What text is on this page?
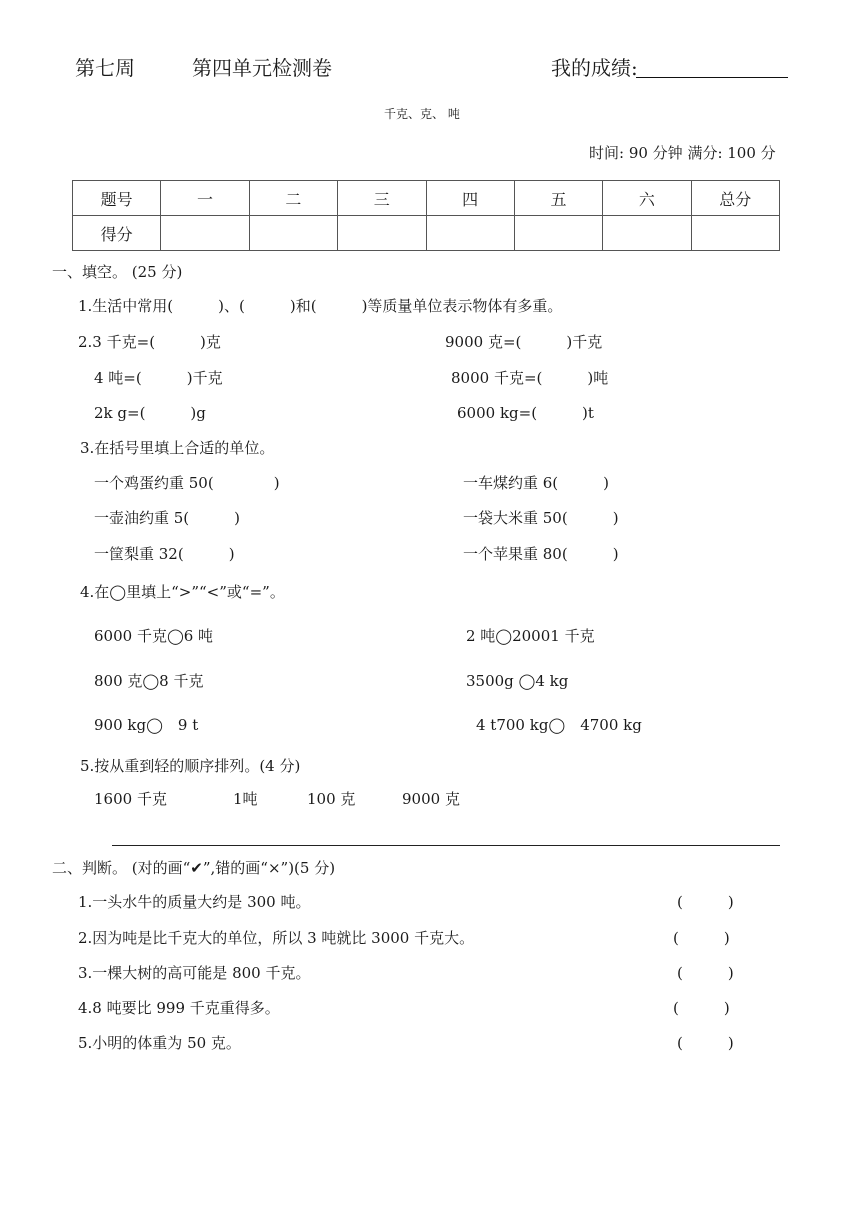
第七周	第四单元检测卷	我的成绩:
千克、克、 吨
时间: 90 分钟 满分: 100 分
题号	一	二	三	四	五	六	总分
得分							
一、填空。 (25 分)
1.生活中常用(　　　)、(　　　)和(　　　)等质量单位表示物体有多重。
2.3 千克=(　　　)克	9000 克=(　　　)千克
4 吨=(　　　)千克	8000 千克=(　　　)吨
2k g=(　　　)g	6000 kg=(　　　)t
3.在括号里填上合适的单位。
一个鸡蛋约重 50(　　　　)	一车煤约重 6(　　　)
一壶油约重 5(　　　)	一袋大米重 50(　　　)
一筐梨重 32(　　　)	一个苹果重 80(　　　)
4.在◯里填上“>”“<”或“=”。
6000 千克◯6 吨	2 吨◯20001 千克
800 克◯8 千克	3500g ◯4 kg
900 kg◯　9 t	4 t700 kg◯　4700 kg
5.按从重到轻的顺序排列。(4 分)
1600 千克	1吨	100 克	9000 克
二、判断。 (对的画“✔”,错的画“×”)(5 分)
1.一头水牛的质量大约是 300 吨。	(　　　)
2.因为吨是比千克大的单位，所以 3 吨就比 3000 千克大。	(　　　)
3.一棵大树的高可能是 800 千克。	(　　　)
4.8 吨要比 999 千克重得多。	(　　　)
5.小明的体重为 50 克。	(　　　)
